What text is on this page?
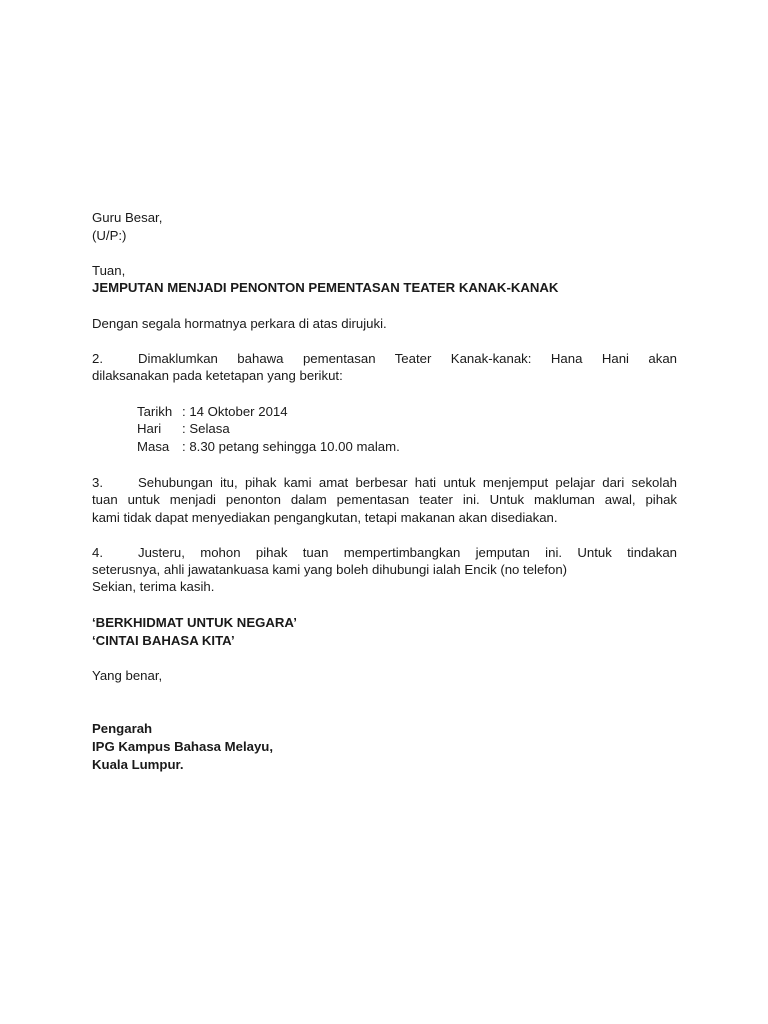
Guru Besar,
(U/P:)
Tuan,
JEMPUTAN MENJADI PENONTON PEMENTASAN TEATER KANAK-KANAK
Dengan segala hormatnya perkara di atas dirujuki.
2.	Dimaklumkan bahawa pementasan Teater Kanak-kanak: Hana Hani akan
dilaksanakan pada ketetapan yang berikut:
Tarikh : 14 Oktober 2014
Hari : Selasa
Masa : 8.30 petang sehingga 10.00 malam.
3.	Sehubungan itu, pihak kami amat berbesar hati untuk menjemput pelajar dari sekolah
tuan untuk menjadi penonton dalam pementasan teater ini. Untuk makluman awal, pihak
kami tidak dapat menyediakan pengangkutan, tetapi makanan akan disediakan.
4.	Justeru, mohon pihak tuan mempertimbangkan jemputan ini. Untuk tindakan
seterusnya, ahli jawatankuasa kami yang boleh dihubungi ialah Encik (no telefon)
Sekian, terima kasih.
‘BERKHIDMAT UNTUK NEGARA’
‘CINTAI BAHASA KITA’
Yang benar,
Pengarah
IPG Kampus Bahasa Melayu,
Kuala Lumpur.
